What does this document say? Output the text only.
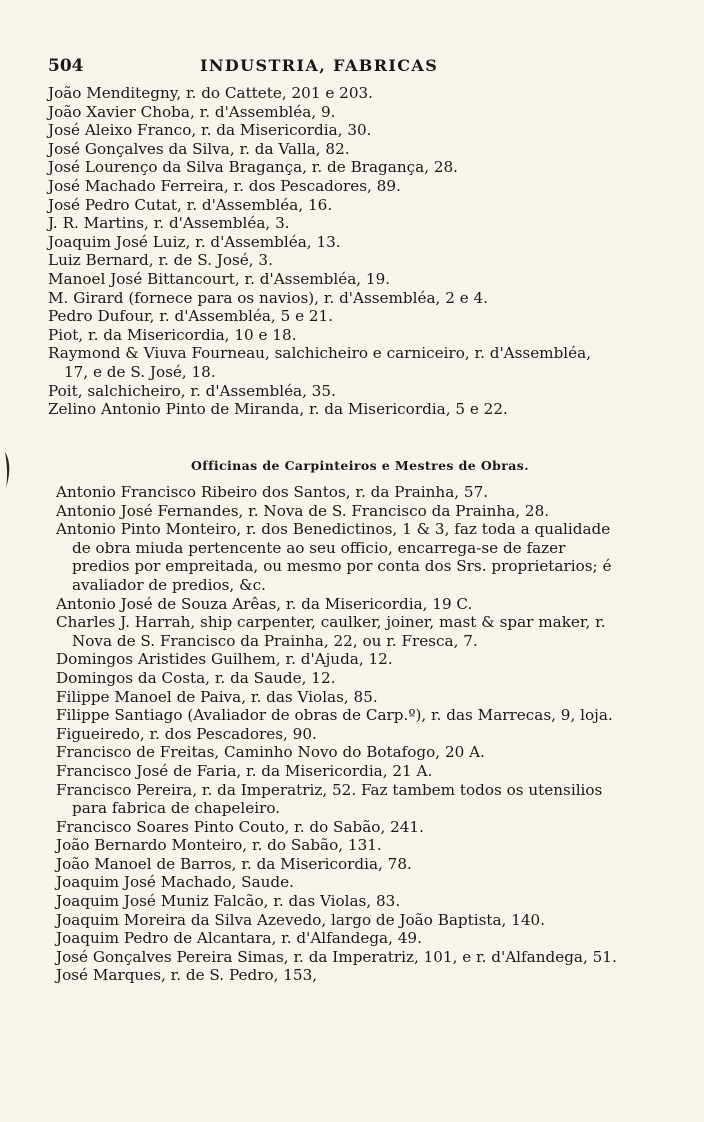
504	INDUSTRIA, FABRICAS
João Menditegny, r. do Cattete, 201 e 203.
João Xavier Choba, r. d'Assembléa, 9.
José Aleixo Franco, r. da Misericordia, 30.
José Gonçalves da Silva, r. da Valla, 82.
José Lourenço da Silva Bragança, r. de Bragança, 28.
José Machado Ferreira, r. dos Pescadores, 89.
José Pedro Cutat, r. d'Assembléa, 16.
J. R. Martins, r. d'Assembléa, 3.
Joaquim José Luiz, r. d'Assembléa, 13.
Luiz Bernard, r. de S. José, 3.
Manoel José Bittancourt, r. d'Assembléa, 19.
M. Girard (fornece para os navios), r. d'Assembléa, 2 e 4.
Pedro Dufour, r. d'Assembléa, 5 e 21.
Piot, r. da Misericordia, 10 e 18.
Raymond & Viuva Fourneau, salchicheiro e carniceiro, r. d'Assembléa, 17, e de S. José, 18.
Poit, salchicheiro, r. d'Assembléa, 35.
Zelino Antonio Pinto de Miranda, r. da Misericordia, 5 e 22.
Officinas de Carpinteiros e Mestres de Obras.
Antonio Francisco Ribeiro dos Santos, r. da Prainha, 57.
Antonio José Fernandes, r. Nova de S. Francisco da Prainha, 28.
Antonio Pinto Monteiro, r. dos Benedictinos, 1 & 3, faz toda a qualidade de obra miuda pertencente ao seu officio, encarrega-se de fazer predios por empreitada, ou mesmo por conta dos Srs. proprietarios; é avaliador de predios, &c.
Antonio José de Souza Arêas, r. da Misericordia, 19 C.
Charles J. Harrah, ship carpenter, caulker, joiner, mast & spar maker, r. Nova de S. Francisco da Prainha, 22, ou r. Fresca, 7.
Domingos Aristides Guilhem, r. d'Ajuda, 12.
Domingos da Costa, r. da Saude, 12.
Filippe Manoel de Paiva, r. das Violas, 85.
Filippe Santiago (Avaliador de obras de Carp.º), r. das Marrecas, 9, loja.
Figueiredo, r. dos Pescadores, 90.
Francisco de Freitas, Caminho Novo do Botafogo, 20 A.
Francisco José de Faria, r. da Misericordia, 21 A.
Francisco Pereira, r. da Imperatriz, 52. Faz tambem todos os utensilios para fabrica de chapeleiro.
Francisco Soares Pinto Couto, r. do Sabão, 241.
João Bernardo Monteiro, r. do Sabão, 131.
João Manoel de Barros, r. da Misericordia, 78.
Joaquim José Machado, Saude.
Joaquim José Muniz Falcão, r. das Violas, 83.
Joaquim Moreira da Silva Azevedo, largo de João Baptista, 140.
Joaquim Pedro de Alcantara, r. d'Alfandega, 49.
José Gonçalves Pereira Simas, r. da Imperatriz, 101, e r. d'Alfandega, 51.
José Marques, r. de S. Pedro, 153,
